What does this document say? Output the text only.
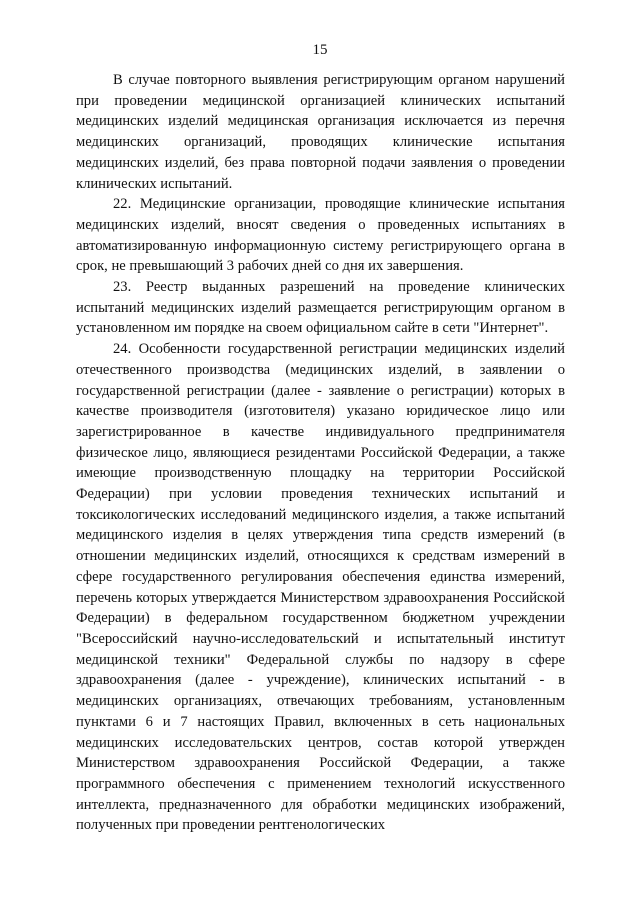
15

В случае повторного выявления регистрирующим органом нарушений при проведении медицинской организацией клинических испытаний медицинских изделий медицинская организация исключается из перечня медицинских организаций, проводящих клинические испытания медицинских изделий, без права повторной подачи заявления о проведении клинических испытаний.

22. Медицинские организации, проводящие клинические испытания медицинских изделий, вносят сведения о проведенных испытаниях в автоматизированную информационную систему регистрирующего органа в срок, не превышающий 3 рабочих дней со дня их завершения.

23. Реестр выданных разрешений на проведение клинических испытаний медицинских изделий размещается регистрирующим органом в установленном им порядке на своем официальном сайте в сети "Интернет".

24. Особенности государственной регистрации медицинских изделий отечественного производства (медицинских изделий, в заявлении о государственной регистрации (далее - заявление о регистрации) которых в качестве производителя (изготовителя) указано юридическое лицо или зарегистрированное в качестве индивидуального предпринимателя физическое лицо, являющиеся резидентами Российской Федерации, а также имеющие производственную площадку на территории Российской Федерации) при условии проведения технических испытаний и токсикологических исследований медицинского изделия, а также испытаний медицинского изделия в целях утверждения типа средств измерений (в отношении медицинских изделий, относящихся к средствам измерений в сфере государственного регулирования обеспечения единства измерений, перечень которых утверждается Министерством здравоохранения Российской Федерации) в федеральном государственном бюджетном учреждении "Всероссийский научно-исследовательский и испытательный институт медицинской техники" Федеральной службы по надзору в сфере здравоохранения (далее - учреждение), клинических испытаний - в медицинских организациях, отвечающих требованиям, установленным пунктами 6 и 7 настоящих Правил, включенных в сеть национальных медицинских исследовательских центров, состав которой утвержден Министерством здравоохранения Российской Федерации, а также программного обеспечения с применением технологий искусственного интеллекта, предназначенного для обработки медицинских изображений, полученных при проведении рентгенологических
